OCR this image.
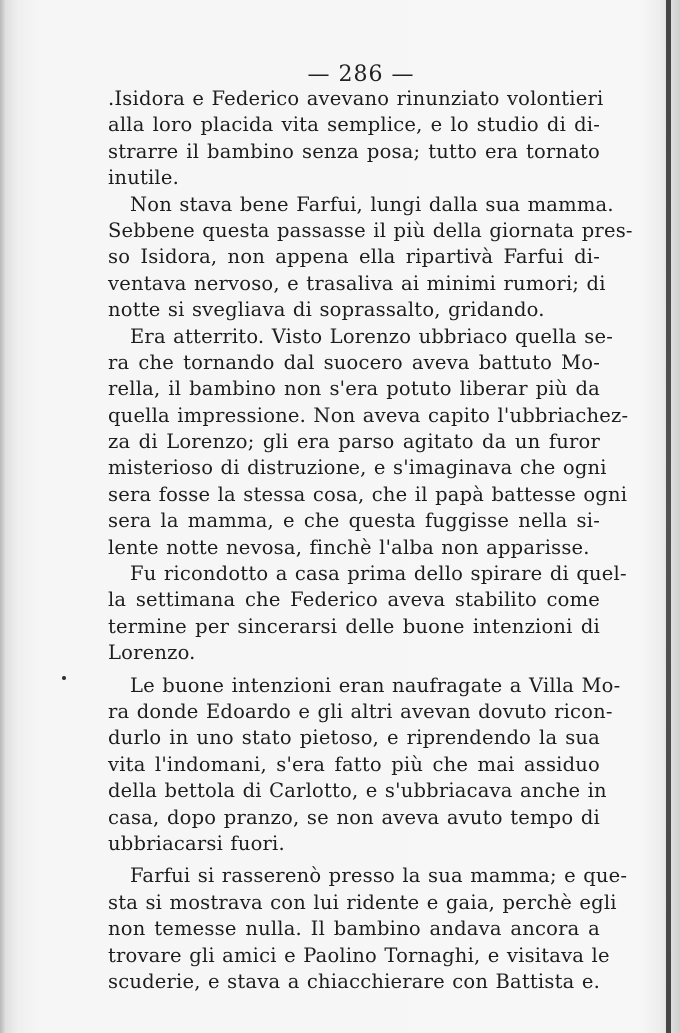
— 286 —
.Isidora e Federico avevano rinunziato volontieri
alla loro placida vita semplice, e lo studio di di-
strarre il bambino senza posa; tutto era tornato
inutile.
Non stava bene Farfui, lungi dalla sua mamma.
Sebbene questa passasse il più della giornata pres-
so Isidora, non appena ella ripartivà Farfui di-
ventava nervoso, e trasaliva ai minimi rumori; di
notte si svegliava di soprassalto, gridando.
Era atterrito. Visto Lorenzo ubbriaco quella se-
ra che tornando dal suocero aveva battuto Mo-
rella, il bambino non s'era potuto liberar più da
quella impressione. Non aveva capito l'ubbriachez-
za di Lorenzo; gli era parso agitato da un furor
misterioso di distruzione, e s'imaginava che ogni
sera fosse la stessa cosa, che il papà battesse ogni
sera la mamma, e che questa fuggisse nella si-
lente notte nevosa, finchè l'alba non apparisse.
Fu ricondotto a casa prima dello spirare di quel-
la settimana che Federico aveva stabilito come
termine per sincerarsi delle buone intenzioni di
Lorenzo.
Le buone intenzioni eran naufragate a Villa Mo-
ra donde Edoardo e gli altri avevan dovuto ricon-
durlo in uno stato pietoso, e riprendendo la sua
vita l'indomani, s'era fatto più che mai assiduo
della bettola di Carlotto, e s'ubbriacava anche in
casa, dopo pranzo, se non aveva avuto tempo di
ubbriacarsi fuori.
Farfui si rasserenò presso la sua mamma; e que-
sta si mostrava con lui ridente e gaia, perchè egli
non temesse nulla. Il bambino andava ancora a
trovare gli amici e Paolino Tornaghi, e visitava le
scuderie, e stava a chiacchierare con Battista e.
